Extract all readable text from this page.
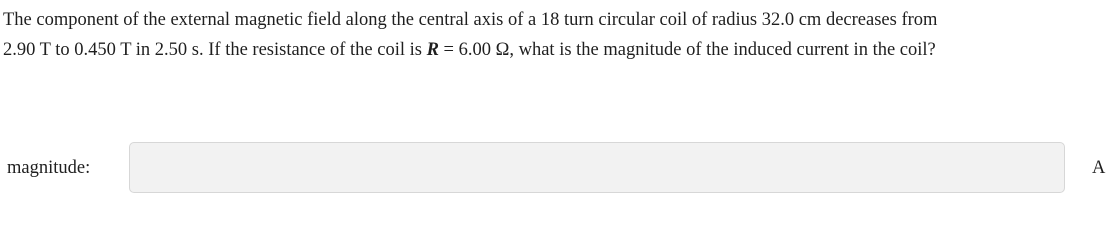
The component of the external magnetic field along the central axis of a 18 turn circular coil of radius 32.0 cm decreases from
2.90 T to 0.450 T in 2.50 s. If the resistance of the coil is R = 6.00 Ω, what is the magnitude of the induced current in the coil?
magnitude:	A
